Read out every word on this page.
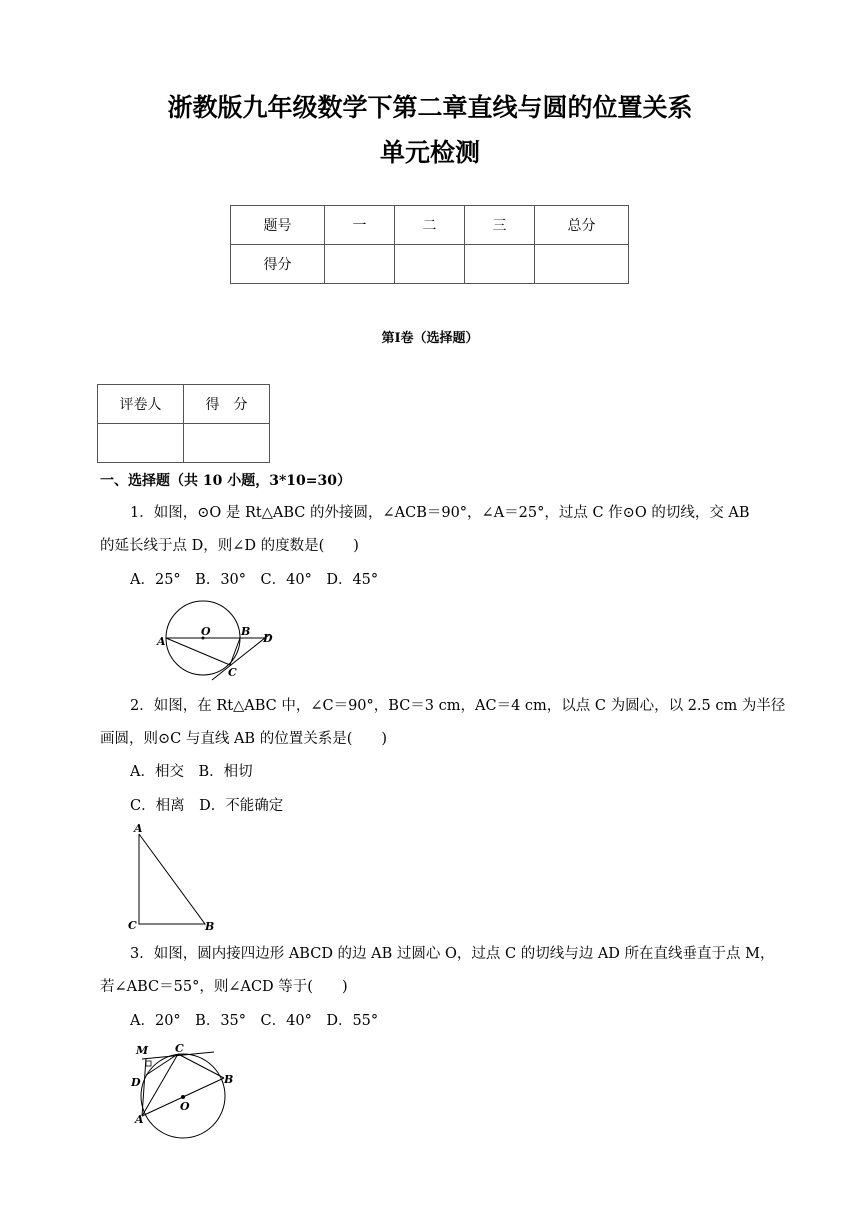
浙教版九年级数学下第二章直线与圆的位置关系
单元检测
题号	一	二	三	总分
得分				
第Ⅰ卷（选择题）
评卷人	得　分

一、选择题（共 10 小题，3*10=30）
1．如图，⊙O 是 Rt△ABC 的外接圆，∠ACB＝90°，∠A＝25°，过点 C 作⊙O 的切线，交 AB
的延长线于点 D，则∠D 的度数是(　　)
A．25°　B．30°　C．40°　D．45°
A
O	B
D
C
2．如图，在 Rt△ABC 中，∠C＝90°，BC＝3 cm，AC＝4 cm，以点 C 为圆心，以 2.5 cm 为半径
画圆，则⊙C 与直线 AB 的位置关系是(　　)
A．相交　B．相切
C．相离　D．不能确定
A
C	B
3．如图，圆内接四边形 ABCD 的边 AB 过圆心 O，过点 C 的切线与边 AD 所在直线垂直于点 M，
若∠ABC＝55°，则∠ACD 等于(　　)
A．20°　B．35°　C．40°　D．55°
M C
D	B
O
A
